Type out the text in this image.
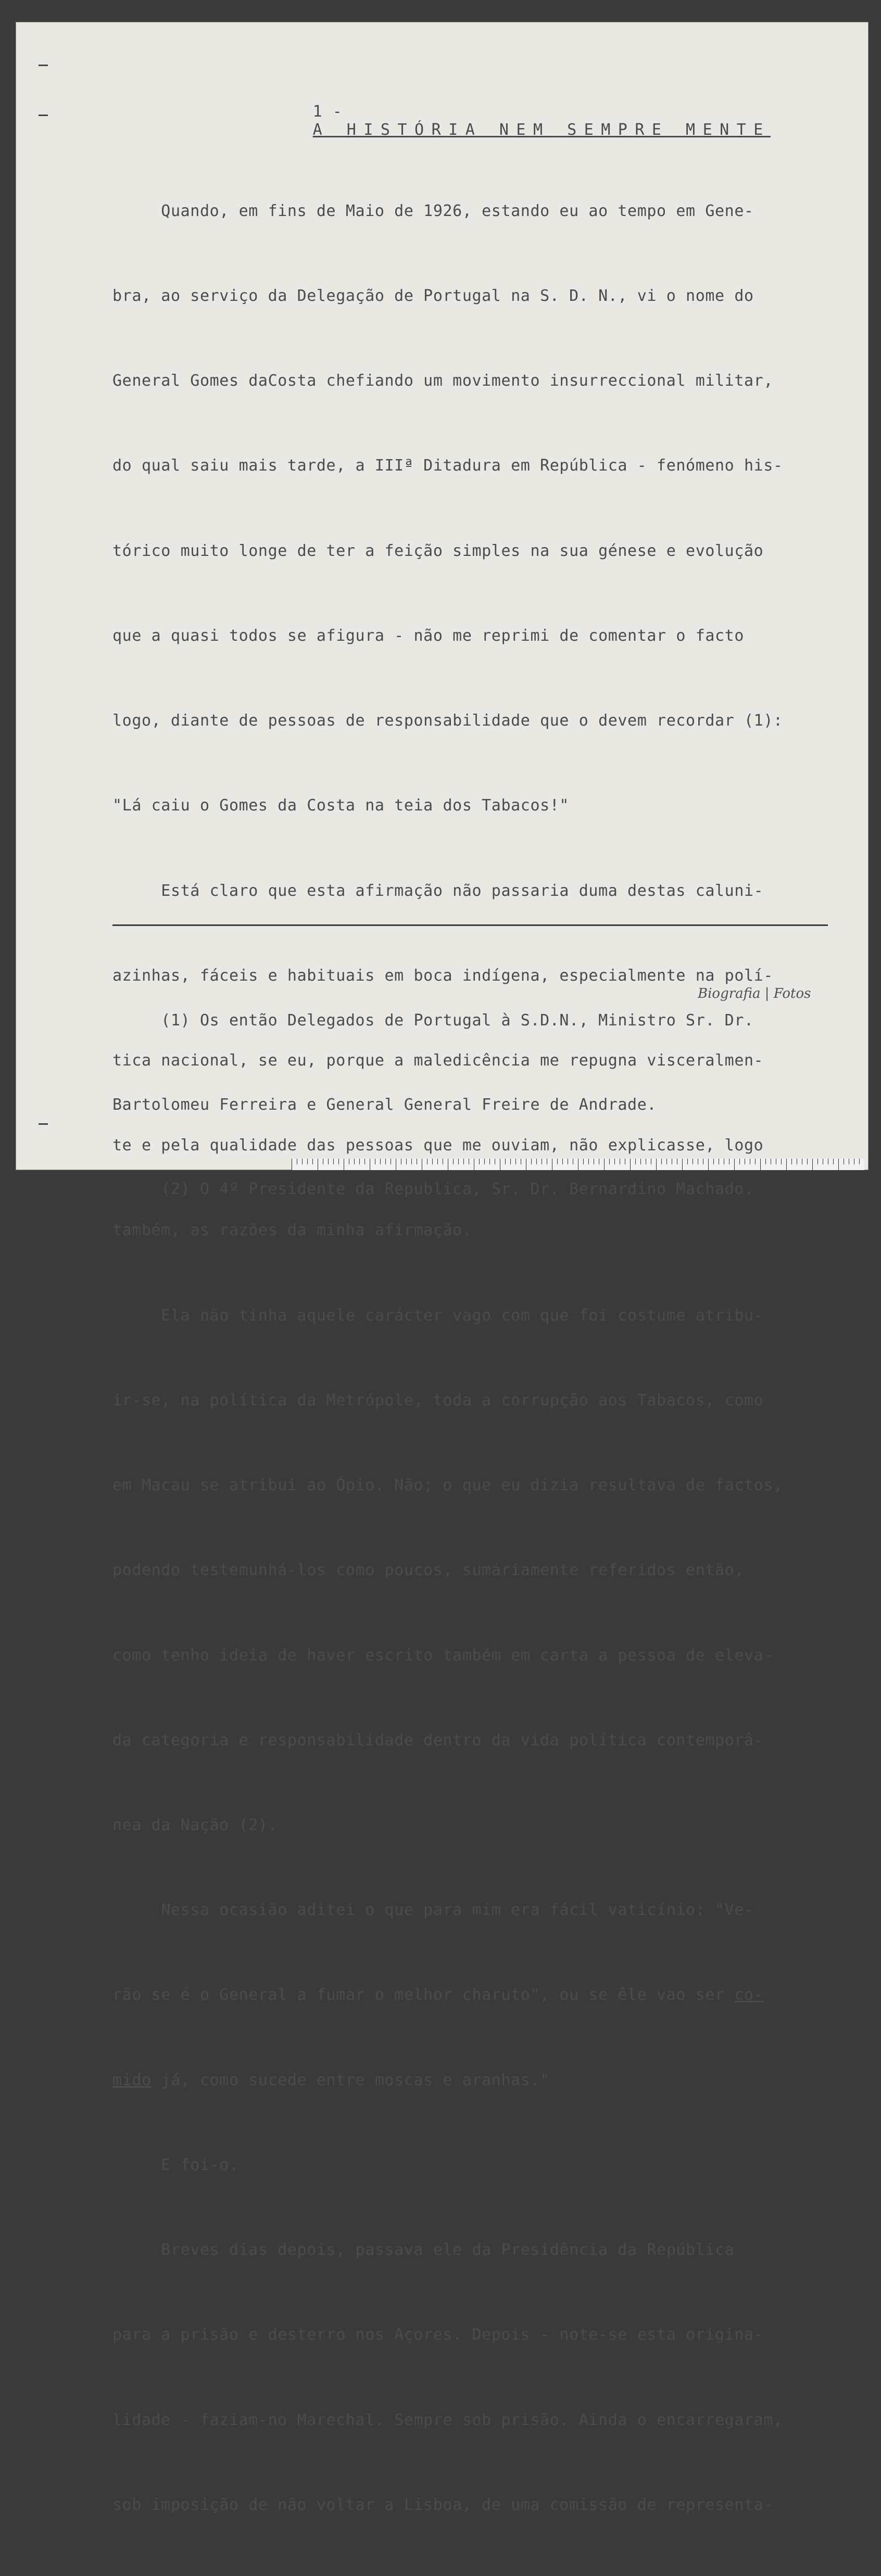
1 -
A HISTÓRIA NEM SEMPRE MENTE

Quando, em fins de Maio de 1926, estando eu ao tempo em Gene-

bra, ao serviço da Delegação de Portugal na S. D. N., vi o nome do

General Gomes daCosta chefiando um movimento insurreccional militar,

do qual saiu mais tarde, a IIIª Ditadura em República - fenómeno his-

tórico muito longe de ter a feição simples na sua génese e evolução

que a quasi todos se afigura - não me reprimi de comentar o facto

logo, diante de pessoas de responsabilidade que o devem recordar (1):

"Lá caiu o Gomes da Costa na teia dos Tabacos!"

Está claro que esta afirmação não passaria duma destas caluni-

azinhas, fáceis e habituais em boca indígena, especialmente na polí-

tica nacional, se eu, porque a maledicência me repugna visceralmen-

te e pela qualidade das pessoas que me ouviam, não explicasse, logo

também, as razões da minha afirmação.

Ela não tinha aquele carácter vago com que foi costume atribu-

ir-se, na política da Metrópole, toda a corrupção aos Tabacos, como

em Macau se atribui ao Ópio. Não; o que eu dizia resultava de factos,

podendo testemunhá-los como poucos, sumáriamente referidos então,

como tenho ideia de haver escrito também em carta a pessoa de eleva-

da categoria e responsabilidade dentro da vida política contemporâ-

nea da Nação (2).

Nessa ocasião aditei o que para mim era fácil vaticínio: "Ve-

rão se é o General a fumar o melhor charuto", ou se êle vao ser co-

mido já, como sucede entre moscas e aranhas."

E foi-o.

Breves dias depois, passava ele da Presidência da República

para a prisão e desterro nos Açores. Depois - note-se esta origina-

lidade - faziam-no Marechal. Sempre sob prisão. Ainda o encarregaram,

sob imposição de não voltar a Lisboa, de uma comissão de representa-

(1) Os então Delegados de Portugal à S.D.N., Ministro Sr. Dr.

Bartolomeu Ferreira e General General Freire de Andrade.

(2) O 4º Presidente da Republica, Sr. Dr. Bernardino Machado.

Biografia | Fotos
